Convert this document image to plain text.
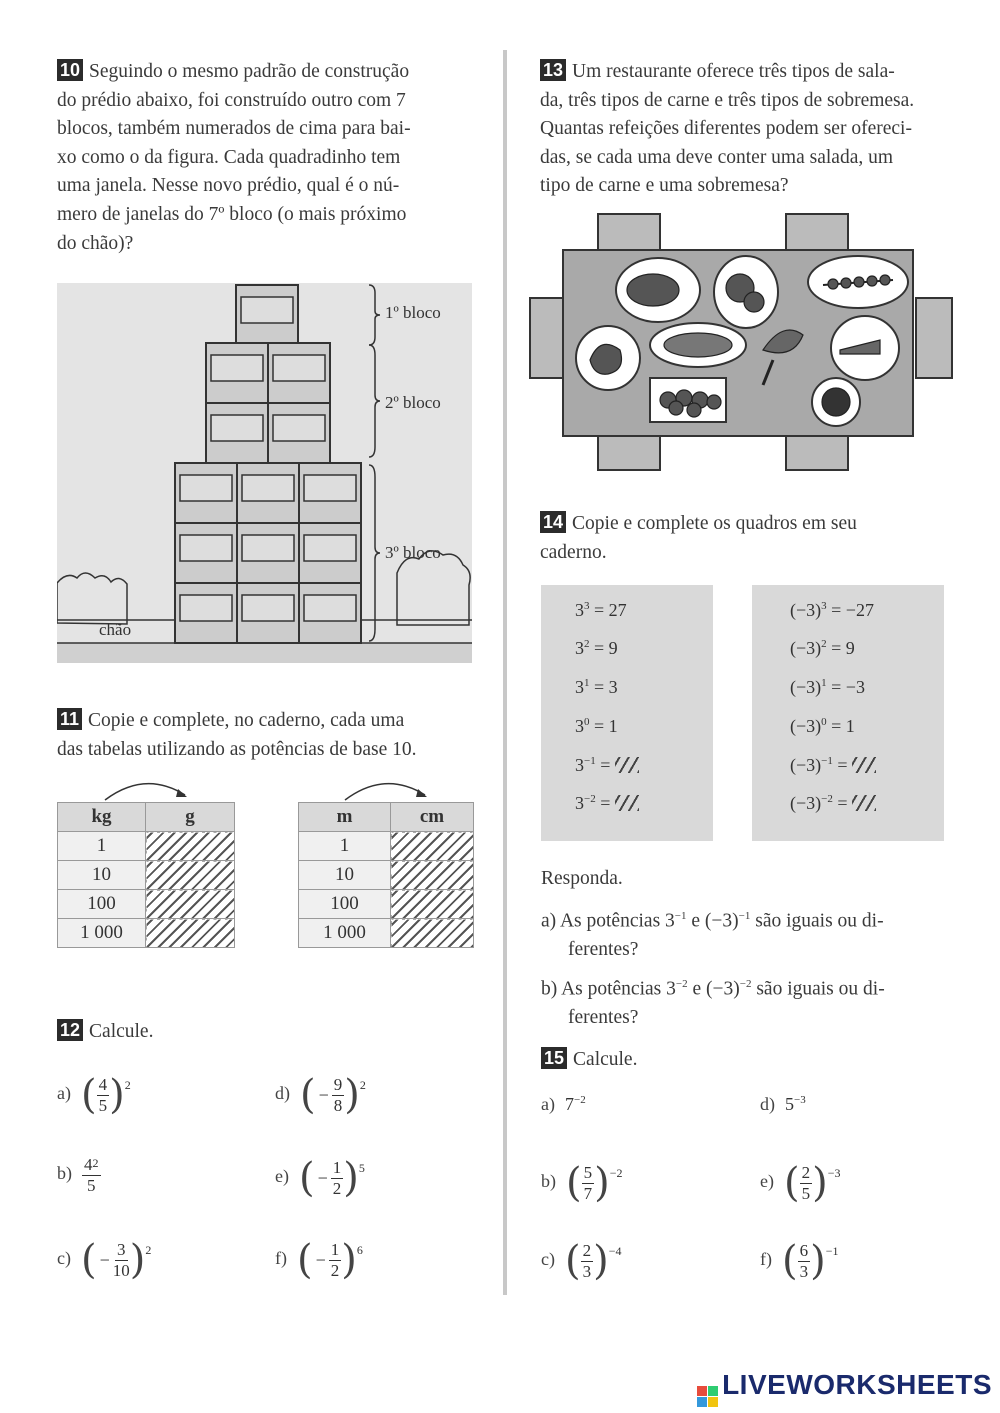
10 Seguindo o mesmo padrão de construção
do prédio abaixo, foi construído outro com 7
blocos, também numerados de cima para bai-
xo como o da figura. Cada quadradinho tem
uma janela. Nesse novo prédio, qual é o nú-
mero de janelas do 7º bloco (o mais próximo
do chão)?
1º bloco
2º bloco
3º bloco
chão
11 Copie e complete, no caderno, cada uma
das tabelas utilizando as potências de base 10.
kg	g
1	
10	
100	
1 000	
m	cm
1	
10	
100	
1 000	
12 Calcule.
a) ( $\frac{4}{5} )^2$
$b) \frac{4^2}{5}$
c) ( − $\frac{3}{10} )^2$
d) ( − $\frac{9}{8} )^2$
e) ( − $\frac{1}{2} )^5$
f) ( − $\frac{1}{2} )^6$
13 Um restaurante oferece três tipos de sala-
da, três tipos de carne e três tipos de sobremesa.
Quantas refeições diferentes podem ser ofereci-
das, se cada uma deve conter uma salada, um
tipo de carne e uma sobremesa?
14 Copie e complete os quadros em seu
caderno.
$3^3 = 27$
$3^2 = 9$
$3^1 = 3$
$3^0 = 1$
$3^{-1}$ =
$3^{-2}$ =
$(-3)^3 = -27$
$(-3)^2 = 9$
$(-3)^1 = -3$
$(-3)^0 = 1$
$(-3)^{-1}$ =
$(-3)^{-2}$ =
Responda.
a) As potências $3^{-1}$ e $(-3)^{-1}$ são iguais ou di-
ferentes?
b) As potências $3^{-2}$ e $(-3)^{-2}$ são iguais ou di-
ferentes?
15 Calcule.
a) $7^{-2}$	d) $5^{-3}$
b) ( $\frac{5}{7} )^{-2}$	e) ( $\frac{2}{5} )^{-3}$
c) ( $\frac{2}{3} )^{-4}$	f) ( $\frac{6}{3} )^{-1}$
LIVEWORKSHEETS
